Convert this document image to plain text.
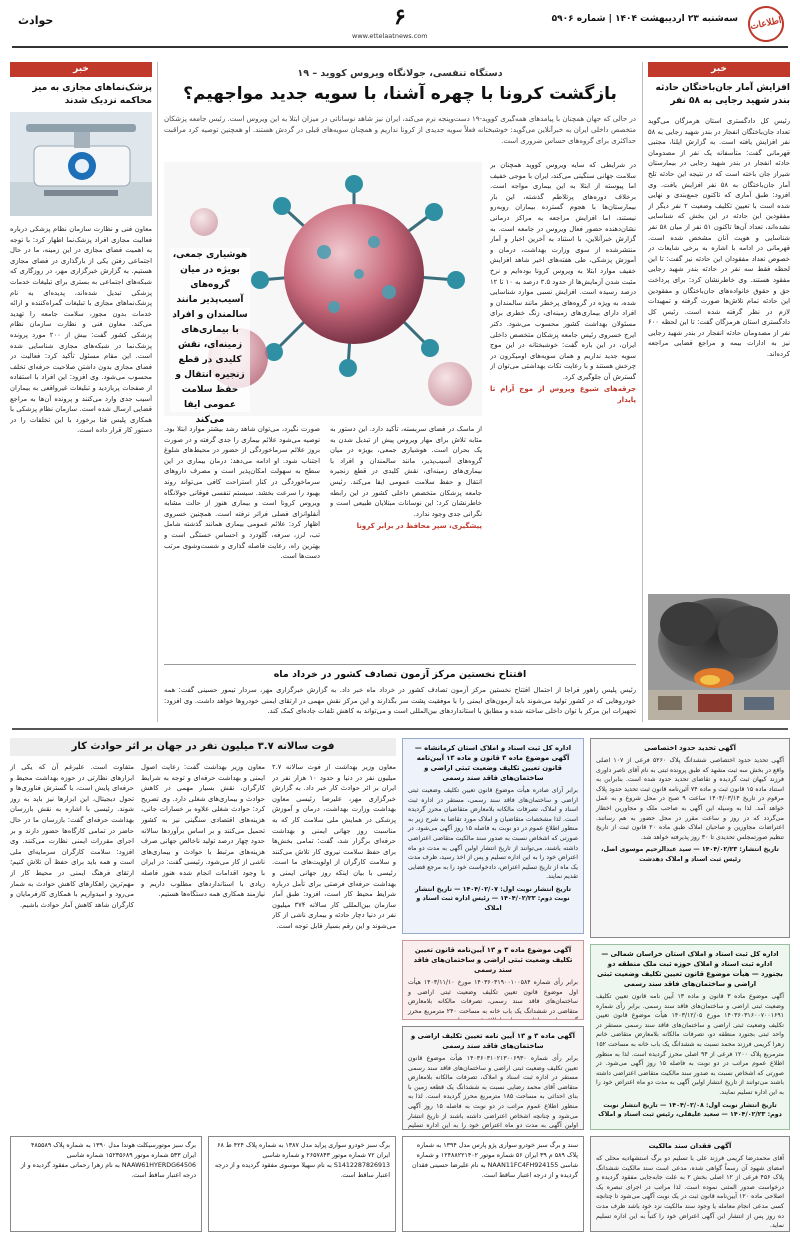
اطلاعات
سه‌شنبه ۲۳ اردیبهشت ۱۴۰۴ | شماره ۵۹۰۶
۶
www.ettelaatnews.com
حوادث
خبر
افزایش آمار جان‌باختگان حادثه بندر شهید رجایی به ۵۸ نفر
رئیس کل دادگستری استان هرمزگان می‌گوید تعداد جان‌باختگان انفجار در بندر شهید رجایی به ۵۸ نفر افزایش یافته است. به گزارش ایلنا، مجتبی قهرمانی گفت: متأسفانه یک نفر از مصدومان حادثه انفجار در بندر شهید رجایی در بیمارستان شیراز جان باخته است که در نتیجه این حادثه تلخ آمار جان‌باختگان به ۵۸ نفر افزایش یافت. وی افزود: طبق آماری که تاکنون جمع‌بندی و نهایی شده است با تعیین تکلیف وضعیت ۲ نفر دیگر از مفقودین این حادثه در این بخش که شناسایی نشده‌اند، تعداد آن‌ها تاکنون ۵۱ نفر از میان ۵۸ نفر شناسایی و هویت آنان مشخص شده است. قهرمانی در ادامه با اشاره به برخی شایعات در خصوص تعداد مفقودان این حادثه نیز گفت: تا این لحظه فقط سه نفر در حادثه بندر شهید رجایی مفقود هستند. وی خاطرنشان کرد: برای پرداخت حق و حقوق خانواده‌های جان‌باختگان و مفقودین این حادثه تمام تلاش‌ها صورت گرفته و تمهیدات لازم در نظر گرفته شده است. رئیس کل دادگستری استان هرمزگان گفت: تا این لحظه ۶۰۰ نفر از مصدومان حادثه انفجار در بندر شهید رجایی نیز به ادارات بیمه و مراجع قضایی مراجعه کرده‌اند.
خبر
پزشک‌نماهای مجازی به میز محاکمه نزدیک شدند
معاون فنی و نظارت سازمان نظام پزشکی درباره فعالیت مجازی افراد پزشک‌نما اظهار کرد: با توجه به اهمیت فضای مجازی در این زمینه، ما در حال اجتماعی رفتن یکی از بارگذاری در فضای مجازی هستیم. به گزارش خبرگزاری مهر، در روزگاری که شبکه‌های اجتماعی به بستری برای تبلیغات خدمات پزشکی تبدیل شده‌اند، پدیده‌ای به نام پزشک‌نماهای مجازی با تبلیغات گمراه‌کننده و ارائه خدمات بدون مجوز، سلامت جامعه را تهدید می‌کند. معاون فنی و نظارت سازمان نظام پزشکی کشور گفت: بیش از ۲۰۰ مورد پرونده پزشک‌نما در شبکه‌های مجازی شناسایی شده است. این مقام مسئول تأکید کرد: فعالیت در فضای مجازی بدون داشتن صلاحیت حرفه‌ای تخلف محسوب می‌شود. وی افزود: این افراد با استفاده از صفحات پربازدید و تبلیغات غیرواقعی به بیماران آسیب جدی وارد می‌کنند و پرونده آن‌ها به مراجع قضایی ارسال شده است. سازمان نظام پزشکی با همکاری پلیس فتا برخورد با این تخلفات را در دستور کار قرار داده است.
دستگاه تنفسی، جولانگاه ویروس کووید – ۱۹
بازگشت کرونا با چهره آشنا، با سویه جدید مواجهیم؟
در حالی که جهان همچنان با پیامدهای همه‌گیری کووید-۱۹ دست‌وپنجه نرم می‌کند، ایران نیز شاهد نوساناتی در میزان ابتلا به این ویروس است. رئیس جامعه پزشکان متخصص داخلی ایران به خبرآنلاین می‌گوید: خوشبختانه فعلاً سویه جدیدی از کرونا نداریم و همچنان سویه‌های قبلی در گردش هستند. او همچنین توصیه کرد مراقبت حداکثری برای گروه‌های حساس ضروری است.
در شرایطی که سایه ویروس کووید همچنان بر سلامت جهانی سنگینی می‌کند، ایران با موجی خفیف اما پیوسته از ابتلا به این بیماری مواجه است. برخلاف دوره‌های پرتلاطم گذشته، این بار بیمارستان‌ها با هجوم گسترده بیماران روبه‌رو نیستند، اما افزایش مراجعه به مراکز درمانی نشان‌دهنده حضور فعال ویروس در جامعه است. به گزارش خبرآنلاین، با استناد به آخرین اخبار و آمار منتشرشده از سوی وزارت بهداشت، درمان و آموزش پزشکی، طی هفته‌های اخیر شاهد افزایش خفیف موارد ابتلا به ویروس کرونا بوده‌ایم و نرخ مثبت شدن آزمایش‌ها از حدود ۳.۵ درصد به ۱۰ تا ۱۲ درصد رسیده است. افزایش نسبی موارد شناسایی شده، به ویژه در گروه‌های پرخطر مانند سالمندان و افراد دارای بیماری‌های زمینه‌ای، زنگ خطری برای مسئولان بهداشت کشور محسوب می‌شود. دکتر ایرج خسروی رئیس جامعه پزشکان متخصص داخلی ایران، در این باره گفت: خوشبختانه در این موج سویه جدید نداریم و همان سویه‌های اومیکرون در چرخش هستند و با رعایت نکات بهداشتی می‌توان از گسترش آن جلوگیری کرد.
جرقه‌های شیوع ویروس از موج آرام تا پایدار
هوشیاری جمعی، بویژه در میان گروه‌های آسیب‌پذیر مانند سالمندان و افراد با بیماری‌های زمینه‌ای، نقش کلیدی در قطع زنجیره انتقال و حفظ سلامت عمومی ایفا می‌کند
از ماسک در فضای سربسته، تأکید دارد. این دستور به مثابه تلاش برای مهار ویروس پیش از تبدیل شدن به یک بحران است. هوشیاری جمعی، بویژه در میان گروه‌های آسیب‌پذیر، مانند سالمندان و افراد با بیماری‌های زمینه‌ای، نقش کلیدی در قطع زنجیره انتقال و حفظ سلامت عمومی ایفا می‌کند. رئیس جامعه پزشکان متخصص داخلی کشور در این رابطه خاطرنشان کرد: این نوسانات مبتلایان طبیعی است و نگرانی جدی وجود ندارد.
پیشگیری، سپر محافظ در برابر کرونا
صورت نگیرد، می‌توان شاهد رشد بیشتر موارد ابتلا بود. توصیه می‌شود علائم بیماری را جدی گرفته و در صورت بروز علائم سرماخوردگی از حضور در محیط‌های شلوغ اجتناب شود. او ادامه می‌دهد: درمان بیماری در این سطح به سهولت امکان‌پذیر است و مصرف داروهای سرماخوردگی در کنار استراحت کافی می‌تواند روند بهبود را سرعت بخشد. سیستم تنفسی فوقانی جولانگاه ویروس کرونا است و بیماری هنوز از حالت مشابه آنفلوانزای فصلی فراتر نرفته است. همچنین خسروی اظهار کرد: علائم عمومی بیماری همانند گذشته شامل تب، لرز، سرفه، گلودرد و احساس خستگی است و بهترین راه، رعایت فاصله گذاری و شست‌وشوی مرتب دست‌ها است.
افتتاح نخستین مرکز آزمون تصادف کشور در خرداد ماه
رئیس پلیس راهور فراجا از احتمال افتتاح نخستین مرکز آزمون تصادف کشور در خرداد ماه خبر داد. به گزارش خبرگزاری مهر، سردار تیمور حسینی گفت: همه خودروهایی که در کشور تولید می‌شوند باید آزمون‌های ایمنی را با موفقیت پشت سر بگذارند و این مرکز نقش مهمی در ارتقای ایمنی خودروها خواهد داشت. وی افزود: تجهیزات این مرکز با توان داخلی ساخته شده و مطابق با استانداردهای بین‌المللی است و می‌تواند به کاهش تلفات جاده‌ای کمک کند.
فوت سالانه ۳.۷ میلیون نفر در جهان بر اثر حوادث کار
معاون وزیر بهداشت از فوت سالانه ۲.۷ میلیون نفر در دنیا و حدود ۱۰ هزار نفر در ایران بر اثر حوادث کار خبر داد. به گزارش خبرگزاری مهر، علیرضا رئیسی معاون بهداشت وزارت بهداشت، درمان و آموزش پزشکی در همایش ملی سلامت کار که به مناسبت روز جهانی ایمنی و بهداشت حرفه‌ای برگزار شد، گفت: تمامی بخش‌ها برای حفظ سلامت نیروی کار تلاش می‌کنند و سلامت کارگران از اولویت‌های ما است. رئیسی با بیان اینکه روز جهانی ایمنی و بهداشت حرفه‌ای فرصتی برای تأمل درباره شرایط محیط کار است، افزود: طبق آمار سازمان بین‌المللی کار سالانه ۳۷۴ میلیون نفر در دنیا دچار حادثه و بیماری ناشی از کار می‌شوند و این رقم بسیار قابل توجه است.
معاون وزیر بهداشت گفت: رعایت اصول ایمنی و بهداشت حرفه‌ای و توجه به شرایط کارگران، نقش بسیار مهمی در کاهش حوادث و بیماری‌های شغلی دارد. وی تصریح کرد: حوادث شغلی علاوه بر خسارات جانی، هزینه‌های اقتصادی سنگینی نیز به کشور تحمیل می‌کنند و بر اساس برآوردها سالانه حدود چهار درصد تولید ناخالص جهانی صرف هزینه‌های مرتبط با حوادث و بیماری‌های ناشی از کار می‌شود. رئیسی گفت: در ایران با وجود اقدامات انجام شده هنوز فاصله زیادی با استانداردهای مطلوب داریم و نیازمند همکاری همه دستگاه‌ها هستیم.
متفاوت است. علیرغم آن که یکی از ابزارهای نظارتی در حوزه بهداشت محیط و حرفه‌ای پایش است، با گسترش فناوری‌ها و تحول دیجیتال، این ابزارها نیز باید به روز شوند. رئیسی با اشاره به نقش بازرسان بهداشت حرفه‌ای گفت: بازرسان ما در حال حاضر در تمامی کارگاه‌ها حضور دارند و بر اجرای مقررات ایمنی نظارت می‌کنند. وی افزود: سلامت کارگران سرمایه‌ای ملی است و همه باید برای حفظ آن تلاش کنیم؛ ارتقای فرهنگ ایمنی در محیط کار از مهم‌ترین راهکارهای کاهش حوادث به شمار می‌رود و امیدواریم با همکاری کارفرمایان و کارگران شاهد کاهش آمار حوادث باشیم.
آگهی تحدید حدود اختصاصی
آگهی تحدید حدود اختصاصی ششدانگ پلاک ۵۲۶۰ فرعی از ۱۰۷ اصلی واقع در بخش سه ثبت مشهد که طبق پرونده ثبتی به نام آقای ناصر داوری فرزند کیهان ثبت گردیده و تقاضای تحدید حدود شده است. بنابراین به استناد ماده ۱۵ قانون ثبت و ماده ۷۴ آئین‌نامه قانون ثبت تحدید حدود پلاک مرقوم در تاریخ ۱۴۰۴/۰۳/۱۴ ساعت ۹ صبح در محل شروع و به عمل خواهد آمد. لذا به وسیله این آگهی به صاحب ملک و مجاورین اخطار می‌گردد که در روز و ساعت مقرر در محل حضور به هم رسانند. اعتراضات مجاورین و صاحبان املاک طبق ماده ۲۰ قانون ثبت از تاریخ تنظیم صورتمجلس تحدیدی تا ۳۰ روز پذیرفته خواهد شد.
تاریخ انتشار: ۱۴۰۴/۰۲/۲۳ — سید عبدالرحیم موسوی اصل، رئیس ثبت اسناد و املاک دهدشت
اداره کل ثبت اسناد و املاک استان کرمانشاه — آگهی موضوع ماده ۳ قانون و ماده ۱۳ آیین‌نامه قانون تعیین تکلیف وضعیت ثبتی اراضی و ساختمان‌های فاقد سند رسمی
برابر آرای صادره هیأت موضوع قانون تعیین تکلیف وضعیت ثبتی اراضی و ساختمان‌های فاقد سند رسمی، مستقر در اداره ثبت اسناد و املاک، تصرفات مالکانه بلامعارض متقاضیان محرز گردیده است. لذا مشخصات متقاضیان و املاک مورد تقاضا به شرح زیر به منظور اطلاع عموم در دو نوبت به فاصله ۱۵ روز آگهی می‌شود. در صورتی که اشخاص نسبت به صدور سند مالکیت متقاضی اعتراضی داشته باشند، می‌توانند از تاریخ انتشار اولین آگهی به مدت دو ماه اعتراض خود را به این اداره تسلیم و پس از اخذ رسید، ظرف مدت یک ماه از تاریخ تسلیم اعتراض، دادخواست خود را به مرجع قضایی تقدیم نمایند.
تاریخ انتشار نوبت اول: ۱۴۰۴/۰۲/۰۷ — تاریخ انتشار نوبت دوم: ۱۴۰۴/۰۲/۲۳ — رئیس اداره ثبت اسناد و املاک
آگهی موضوع ماده ۳ و ۱۳ آیین‌نامه قانون تعیین تکلیف وضعیت ثبتی اراضی و ساختمان‌های فاقد سند رسمی
برابر رأی شماره ۱۴۰۳۶۰۳۱۹۰۰۱۰۰۵۸۴ مورخ ۱۴۰۳/۱۱/۱۰ هیأت اول موضوع قانون تعیین تکلیف وضعیت ثبتی اراضی و ساختمان‌های فاقد سند رسمی، تصرفات مالکانه بلامعارض متقاضی در ششدانگ یک باب خانه به مساحت ۲۴۰ مترمربع محرز
اداره کل ثبت اسناد و املاک استان خراسان شمالی — اداره ثبت اسناد و املاک حوزه ثبت ملک منطقه دو بجنورد — هیأت موضوع قانون تعیین تکلیف وضعیت ثبتی اراضی و ساختمان‌های فاقد سند رسمی
آگهی موضوع ماده ۳ قانون و ماده ۱۳ آیین نامه قانون تعیین تکلیف وضعیت ثبتی اراضی و ساختمان‌های فاقد سند رسمی. برابر رأی شماره ۱۴۰۳۶۰۳۱۶۰۰۷۰۰۱۶۹۱ مورخ ۱۴۰۳/۱۲/۰۵ هیأت موضوع قانون تعیین تکلیف وضعیت ثبتی اراضی و ساختمان‌های فاقد سند رسمی مستقر در واحد ثبتی بجنورد منطقه دو، تصرفات مالکانه بلامعارض متقاضی خانم زهرا کریمی فرزند محمد نسبت به ششدانگ یک باب خانه به مساحت ۱۵۲ مترمربع پلاک ۱۲۰۰ فرعی از ۹۴ اصلی محرز گردیده است. لذا به منظور اطلاع عموم مراتب در دو نوبت به فاصله ۱۵ روز آگهی می‌شود. در صورتی که اشخاص نسبت به صدور سند مالکیت متقاضی اعتراضی داشته باشند می‌توانند از تاریخ انتشار اولین آگهی به مدت دو ماه اعتراض خود را به این اداره تسلیم نمایند.
تاریخ انتشار نوبت اول: ۱۴۰۴/۰۲/۰۸ — تاریخ انتشار نوبت دوم: ۱۴۰۴/۰۲/۲۳ — سعید علیقلی، رئیس ثبت اسناد و املاک
آگهی ماده ۳ و ۱۳ آیین نامه تعیین تکلیف اراضی و ساختمان‌های فاقد سند رسمی
برابر رأی شماره ۱۴۰۳۶۰۳۱۰۲۱۳۰۰۶۹۳۰ هیأت موضوع قانون تعیین تکلیف وضعیت ثبتی اراضی و ساختمان‌های فاقد سند رسمی مستقر در اداره ثبت اسناد و املاک، تصرفات مالکانه بلامعارض متقاضی آقای محمد رضایی نسبت به ششدانگ یک قطعه زمین با بنای احداثی به مساحت ۱۸۵ مترمربع محرز گردیده است. لذا به منظور اطلاع عموم مراتب در دو نوبت به فاصله ۱۵ روز آگهی می‌شود و چنانچه اشخاص اعتراضی داشته باشند از تاریخ انتشار اولین آگهی به مدت دو ماه اعتراض خود را به این اداره تسلیم
آگهی فقدان سند مالکیت
آقای محمدرضا کریمی فرزند علی با تسلیم دو برگ استشهادیه محلی که امضای شهود آن رسماً گواهی شده، مدعی است سند مالکیت ششدانگ پلاک ۴۵۶ فرعی از ۱۲ اصلی بخش ۲ به علت جابه‌جایی مفقود گردیده و درخواست صدور المثنی نموده است. لذا مراتب در اجرای تبصره یک اصلاحی ماده ۱۲۰ آیین‌نامه قانون ثبت در یک نوبت آگهی می‌شود تا چنانچه کسی مدعی انجام معامله یا وجود سند مالکیت نزد خود باشد ظرف مدت ده روز پس از انتشار این آگهی اعتراض خود را کتباً به این اداره تسلیم نماید.
سند و برگ سبز خودرو سواری پژو پارس مدل ۱۳۹۴ به شماره پلاک ۵۸۹ م ۳۹ ایران ۵۶ شماره موتور ۱۲۴۸۸۲۲۱۴۰۲ و شماره شاسی NAAN11FC4FH924155 به نام علیرضا حسینی فقدان گردیده و از درجه اعتبار ساقط است.
برگ سبز خودرو سواری پراید مدل ۱۳۸۷ به شماره پلاک ۴۲۴ ط ۶۸ ایران ۷۲ شماره موتور ۲۶۵۷۸۴۳ و شماره شاسی S1412287826913 به نام سهیلا موسوی مفقود گردیده و از درجه اعتبار ساقط است.
برگ سبز موتورسیکلت هوندا مدل ۱۳۹۰ به شماره پلاک ۴۸۵۵۸۹ ایران ۵۳۳ شماره موتور ۱۵۲۳۵۶۸۹ شماره شاسی NAAW61HYERDG64506 به نام زهرا رحمانی مفقود گردیده و از درجه اعتبار ساقط است.
